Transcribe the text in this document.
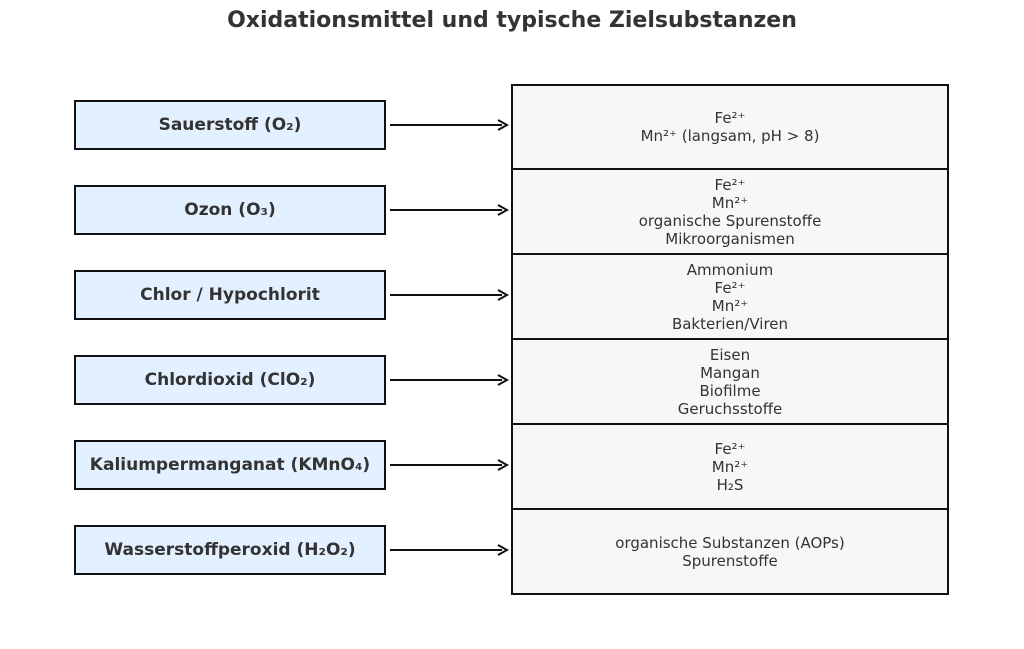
Oxidationsmittel und typische Zielsubstanzen
Sauerstoff (O₂)	Fe²⁺
Mn²⁺ (langsam, pH > 8)
Ozon (O₃)
Fe²⁺
Mn²⁺
organische Spurenstoffe
Mikroorganismen
Chlor / Hypochlorit
Ammonium
Fe²⁺
Mn²⁺
Bakterien/Viren
Chlordioxid (ClO₂)
Eisen
Mangan
Biofilme
Geruchsstoffe
Kaliumpermanganat (KMnO₄)
Fe²⁺
Mn²⁺
H₂S
Wasserstoffperoxid (H₂O₂)	organische Substanzen (AOPs)
Spurenstoffe
